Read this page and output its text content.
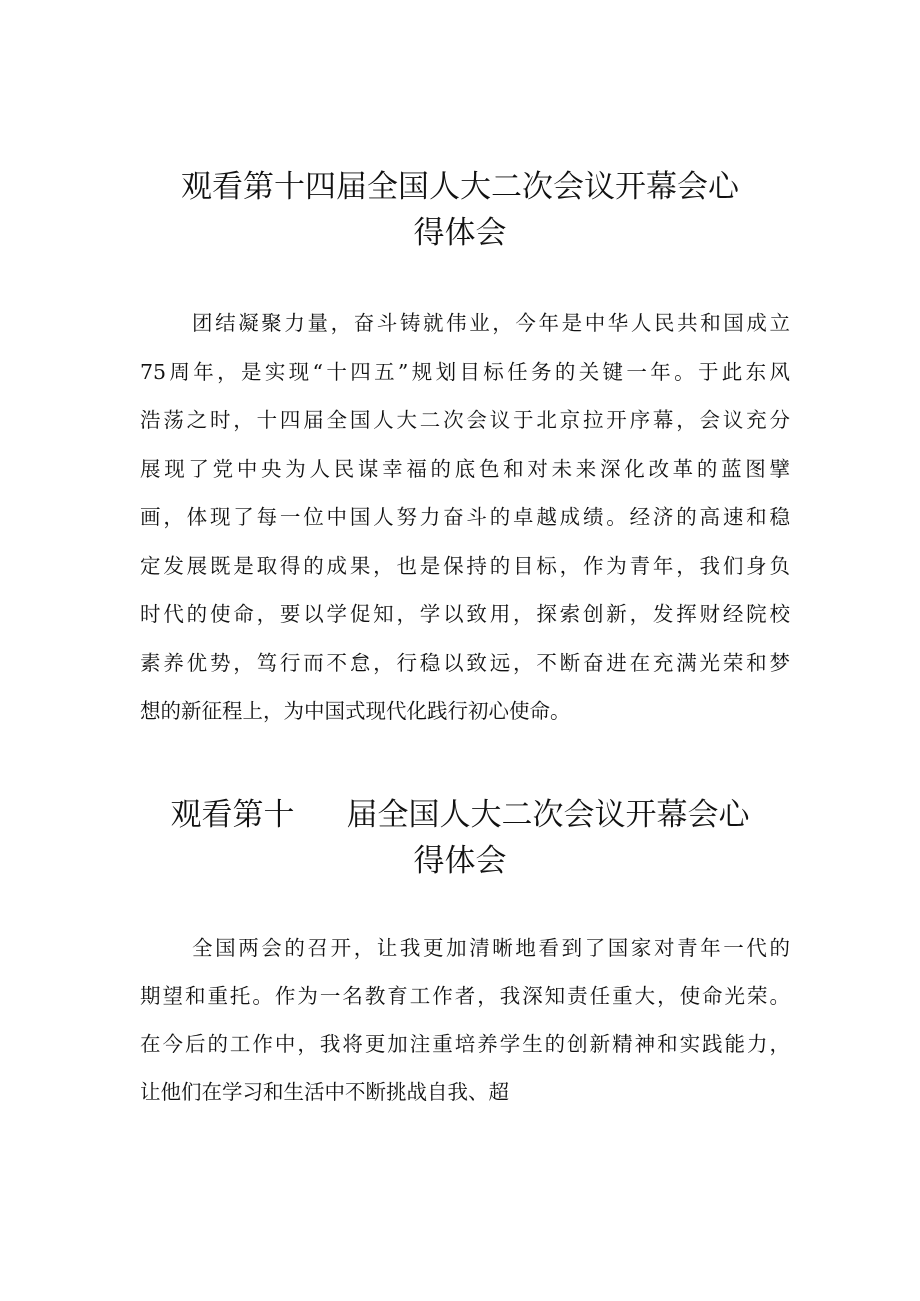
观看第十四届全国人大二次会议开幕会心
得体会
团结凝聚力量，奋斗铸就伟业，今年是中华人民共和国成立
75周年，是实现“十四五”规划目标任务的关键一年。于此东风
浩荡之时，十四届全国人大二次会议于北京拉开序幕，会议充分
展现了党中央为人民谋幸福的底色和对未来深化改革的蓝图擘
画，体现了每一位中国人努力奋斗的卓越成绩。经济的高速和稳
定发展既是取得的成果，也是保持的目标，作为青年，我们身负
时代的使命，要以学促知，学以致用，探索创新，发挥财经院校
素养优势，笃行而不怠，行稳以致远，不断奋进在充满光荣和梦
想的新征程上，为中国式现代化践行初心使命。
观看第十 届全国人大二次会议开幕会心
得体会
全国两会的召开，让我更加清晰地看到了国家对青年一代的
期望和重托。作为一名教育工作者，我深知责任重大，使命光荣。
在今后的工作中，我将更加注重培养学生的创新精神和实践能力，
让他们在学习和生活中不断挑战自我、超
